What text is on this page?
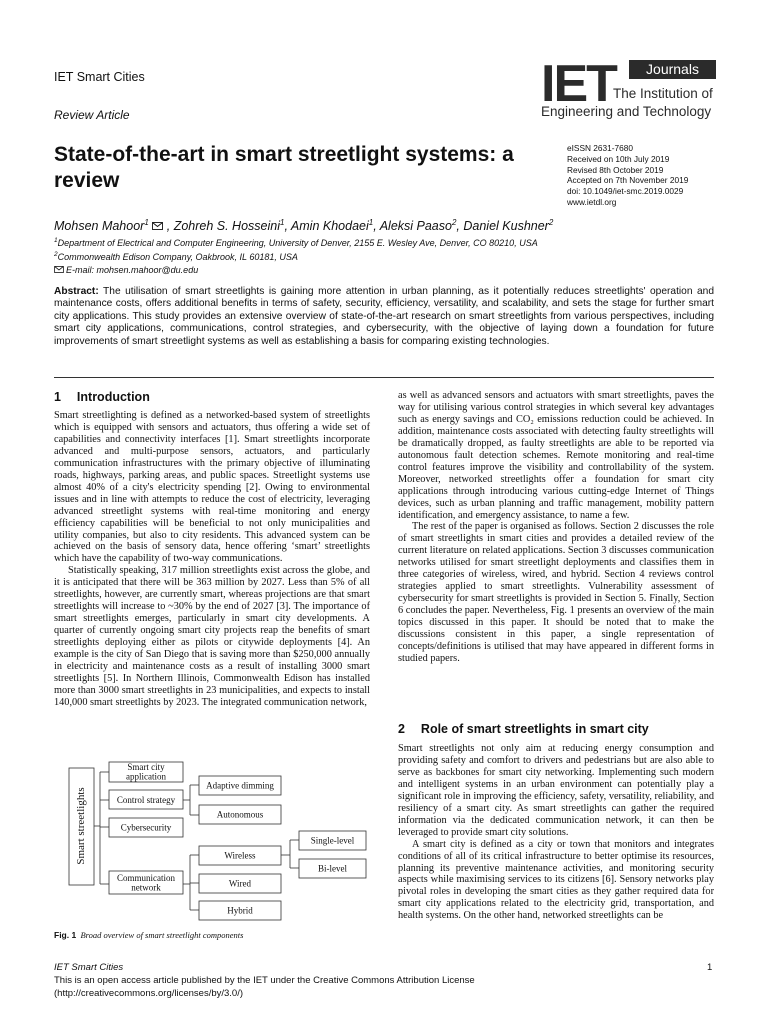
IET Smart Cities
Review Article
IET	Journals
The Institution of
Engineering and Technology
State-of-the-art in smart streetlight systems: a review
eISSN 2631-7680
Received on 10th July 2019
Revised 8th October 2019
Accepted on 7th November 2019
doi: 10.1049/iet-smc.2019.0029
www.ietdl.org
Mohsen Mahoor$^1$ , Zohreh S. Hosseini$^1$, Amin Khodaei$^1$, Aleksi Paaso$^2$, Daniel Kushner$^2$
$^1$Department of Electrical and Computer Engineering, University of Denver, 2155 E. Wesley Ave, Denver, CO 80210, USA
$^2$Commonwealth Edison Company, Oakbrook, IL 60181, USA
E-mail: mohsen.mahoor@du.edu
Abstract: The utilisation of smart streetlights is gaining more attention in urban planning, as it potentially reduces streetlights' operation and maintenance costs, offers additional benefits in terms of safety, security, efficiency, versatility, and scalability, and sets the stage for further smart city applications. This study provides an extensive overview of state-of-the-art research on smart streetlights from various perspectives, including smart city applications, communications, control strategies, and cybersecurity, with the objective of laying down a foundation for future improvements of smart streetlight systems as well as establishing a basis for comparing existing technologies.
1  Introduction

Smart streetlighting is defined as a networked-based system of streetlights which is equipped with sensors and actuators, thus offering a wide set of capabilities and connectivity interfaces [1]. Smart streetlights incorporate advanced and multi-purpose sensors, actuators, and particularly communication infrastructures with the primary objective of illuminating roads, highways, parking areas, and public spaces. Streetlight systems use almost 40% of a city's electricity spending [2]. Owing to environmental issues and in line with attempts to reduce the cost of electricity, leveraging advanced streetlight systems with real-time monitoring and energy efficiency capabilities will be beneficial to not only municipalities and utility companies, but also to city residents. This advanced system can be achieved on the basis of sensory data, hence offering ‘smart’ streetlights which have the capability of two-way communications.

Statistically speaking, 317 million streetlights exist across the globe, and it is anticipated that there will be 363 million by 2027. Less than 5% of all streetlights, however, are currently smart, whereas projections are that smart streetlights will increase to ~30% by the end of 2027 [3]. The importance of smart streetlights emerges, particularly in smart city developments. A quarter of currently ongoing smart city projects reap the benefits of smart streetlights deploying either as pilots or citywide deployments [4]. An example is the city of San Diego that is saving more than $250,000 annually in electricity and maintenance costs as a result of installing 3000 smart streetlights [5]. In Northern Illinois, Commonwealth Edison has installed more than 3000 smart streetlights in 23 municipalities, and expects to install 140,000 smart streetlights by 2023. The integrated communication network,

Smart streetlights
Smart city
application
Control strategy
Cybersecurity
Communication
network
Adaptive dimming
Autonomous
Wireless
Wired
Hybrid
Single-level
Bi-level
Fig. 1 Broad overview of smart streetlight components

as well as advanced sensors and actuators with smart streetlights, paves the way for utilising various control strategies in which several key advantages such as energy savings and CO₂ emissions reduction could be achieved. In addition, maintenance costs associated with detecting faulty streetlights will be dramatically dropped, as faulty streetlights are able to be reported via autonomous fault detection schemes. Remote monitoring and real-time control features improve the visibility and controllability of the system. Moreover, networked streetlights offer a foundation for smart city applications through introducing various cutting-edge Internet of Things devices, such as urban planning and traffic management, mobility pattern identification, and emergency assistance, to name a few.

The rest of the paper is organised as follows. Section 2 discusses the role of smart streetlights in smart cities and provides a detailed review of the current literature on related applications. Section 3 discusses communication networks utilised for smart streetlight deployments and classifies them in three categories of wireless, wired, and hybrid. Section 4 reviews control strategies applied to smart streetlights. Vulnerability assessment of cybersecurity for smart streetlights is provided in Section 5. Finally, Section 6 concludes the paper. Nevertheless, Fig. 1 presents an overview of the main topics discussed in this paper. It should be noted that to make the discussions consistent in this paper, a single representation of concepts/definitions is utilised that may have appeared in different forms in studied papers.

2  Role of smart streetlights in smart city

Smart streetlights not only aim at reducing energy consumption and providing safety and comfort to drivers and pedestrians but are also able to serve as backbones for smart city networking. Implementing such modern and intelligent systems in an urban environment can potentially play a significant role in improving the efficiency, safety, versatility, reliability, and resiliency of a smart city. As smart streetlights can gather the required information via the dedicated communication network, it can then be leveraged to provide smart city solutions.

A smart city is defined as a city or town that monitors and integrates conditions of all of its critical infrastructure to better optimise its resources, planning its preventive maintenance activities, and monitoring security aspects while maximising services to its citizens [6]. Sensory networks play pivotal roles in developing the smart cities as they gather required data for smart city applications related to the electricity grid, transportation, and health systems. On the other hand, networked streetlights can be

IET Smart Cities	1
This is an open access article published by the IET under the Creative Commons Attribution License
(http://creativecommons.org/licenses/by/3.0/)
